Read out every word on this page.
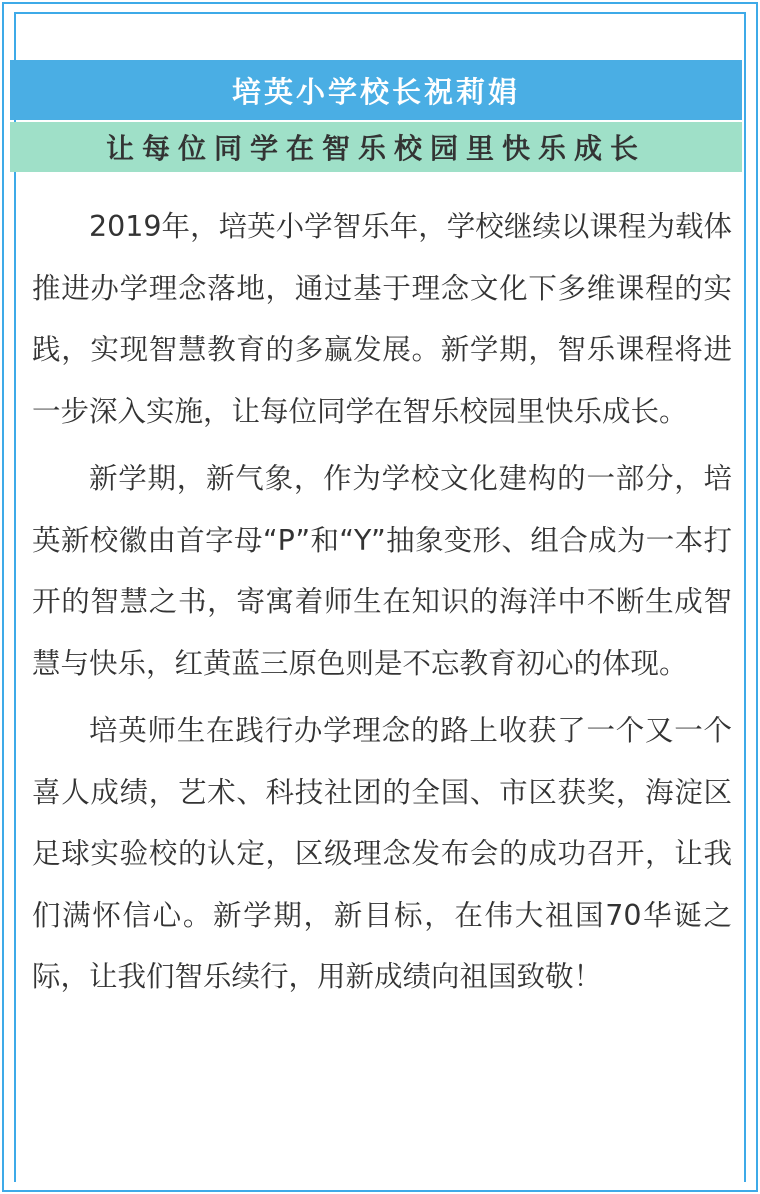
培英小学校长祝莉娟
让每位同学在智乐校园里快乐成长

2019年，培英小学智乐年，学校继续以课程为载体推进办学理念落地，通过基于理念文化下多维课程的实践，实现智慧教育的多赢发展。新学期，智乐课程将进一步深入实施，让每位同学在智乐校园里快乐成长。

新学期，新气象，作为学校文化建构的一部分，培英新校徽由首字母“P”和“Y”抽象变形、组合成为一本打开的智慧之书，寄寓着师生在知识的海洋中不断生成智慧与快乐，红黄蓝三原色则是不忘教育初心的体现。

培英师生在践行办学理念的路上收获了一个又一个喜人成绩，艺术、科技社团的全国、市区获奖，海淀区足球实验校的认定，区级理念发布会的成功召开，让我们满怀信心。新学期，新目标，在伟大祖国70华诞之际，让我们智乐续行，用新成绩向祖国致敬！
